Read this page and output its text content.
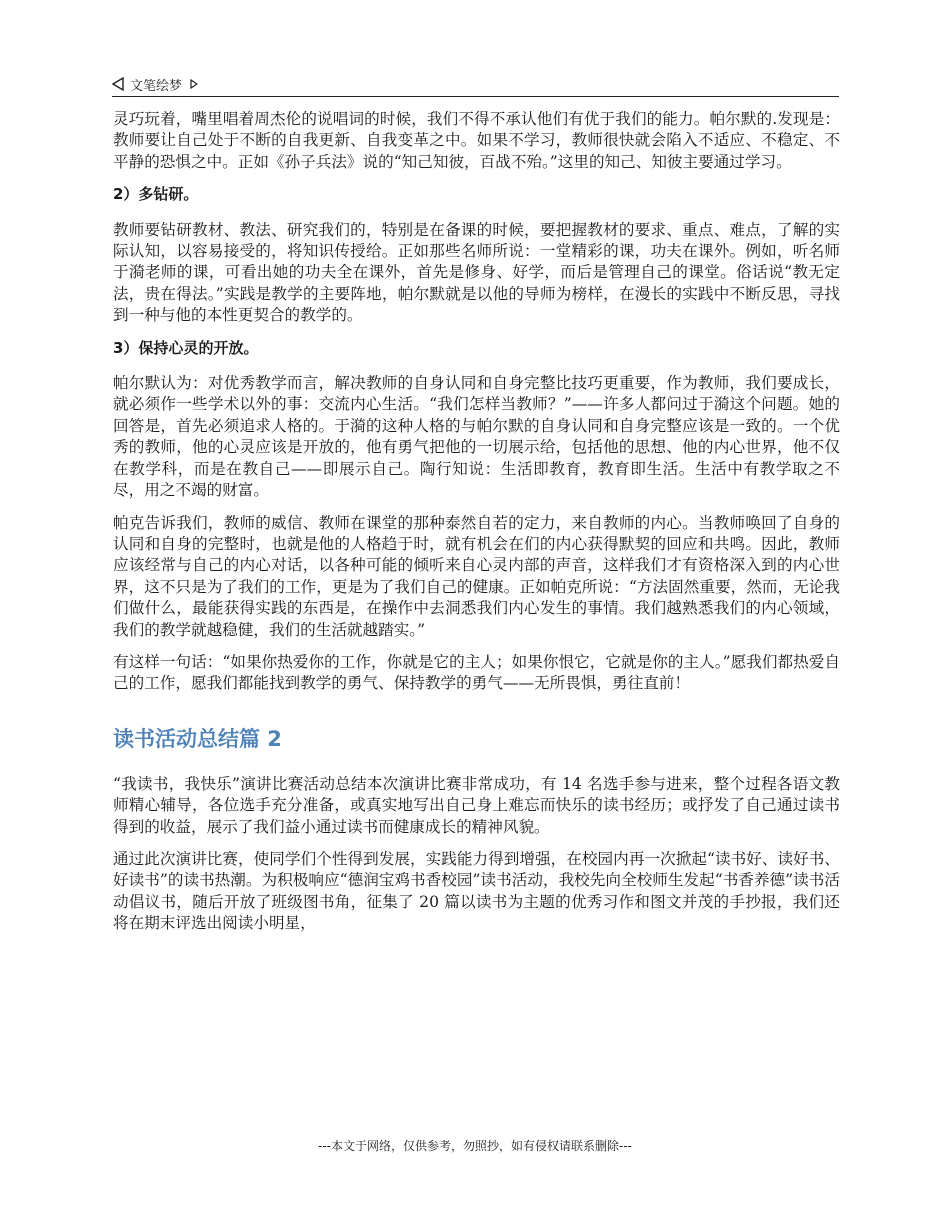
文笔绘梦

灵巧玩着，嘴里唱着周杰伦的说唱词的时候，我们不得不承认他们有优于我们的能力。帕尔默的.发现是：教师要让自己处于不断的自我更新、自我变革之中。如果不学习，教师很快就会陷入不适应、不稳定、不平静的恐惧之中。正如《孙子兵法》说的“知己知彼，百战不殆。”这里的知己、知彼主要通过学习。

2）多钻研。

教师要钻研教材、教法、研究我们的，特别是在备课的时候，要把握教材的要求、重点、难点，了解的实际认知，以容易接受的，将知识传授给。正如那些名师所说：一堂精彩的课，功夫在课外。例如，听名师于漪老师的课，可看出她的功夫全在课外，首先是修身、好学，而后是管理自己的课堂。俗话说“教无定法，贵在得法。”实践是教学的主要阵地，帕尔默就是以他的导师为榜样，在漫长的实践中不断反思，寻找到一种与他的本性更契合的教学的。

3）保持心灵的开放。

帕尔默认为：对优秀教学而言，解决教师的自身认同和自身完整比技巧更重要，作为教师，我们要成长，就必须作一些学术以外的事：交流内心生活。“我们怎样当教师？”——许多人都问过于漪这个问题。她的回答是，首先必须追求人格的。于漪的这种人格的与帕尔默的自身认同和自身完整应该是一致的。一个优秀的教师，他的心灵应该是开放的，他有勇气把他的一切展示给，包括他的思想、他的内心世界，他不仅在教学科，而是在教自己——即展示自己。陶行知说：生活即教育，教育即生活。生活中有教学取之不尽，用之不竭的财富。

帕克告诉我们，教师的威信、教师在课堂的那种泰然自若的定力，来自教师的内心。当教师唤回了自身的认同和自身的完整时，也就是他的人格趋于时，就有机会在们的内心获得默契的回应和共鸣。因此，教师应该经常与自己的内心对话，以各种可能的倾听来自心灵内部的声音，这样我们才有资格深入到的内心世界，这不只是为了我们的工作，更是为了我们自己的健康。正如帕克所说：“方法固然重要，然而，无论我们做什么，最能获得实践的东西是，在操作中去洞悉我们内心发生的事情。我们越熟悉我们的内心领域，我们的教学就越稳健，我们的生活就越踏实。”

有这样一句话：“如果你热爱你的工作，你就是它的主人；如果你恨它，它就是你的主人。”愿我们都热爱自己的工作，愿我们都能找到教学的勇气、保持教学的勇气——无所畏惧，勇往直前！

读书活动总结篇 2

“我读书，我快乐”演讲比赛活动总结本次演讲比赛非常成功，有 14 名选手参与进来，整个过程各语文教师精心辅导，各位选手充分准备，或真实地写出自己身上难忘而快乐的读书经历；或抒发了自己通过读书得到的收益，展示了我们益小通过读书而健康成长的精神风貌。

通过此次演讲比赛，使同学们个性得到发展，实践能力得到增强，在校园内再一次掀起“读书好、读好书、好读书”的读书热潮。为积极响应“德润宝鸡书香校园”读书活动，我校先向全校师生发起“书香养德”读书活动倡议书，随后开放了班级图书角，征集了 20 篇以读书为主题的优秀习作和图文并茂的手抄报，我们还将在期末评选出阅读小明星，

---本文于网络，仅供参考，勿照抄，如有侵权请联系删除---
